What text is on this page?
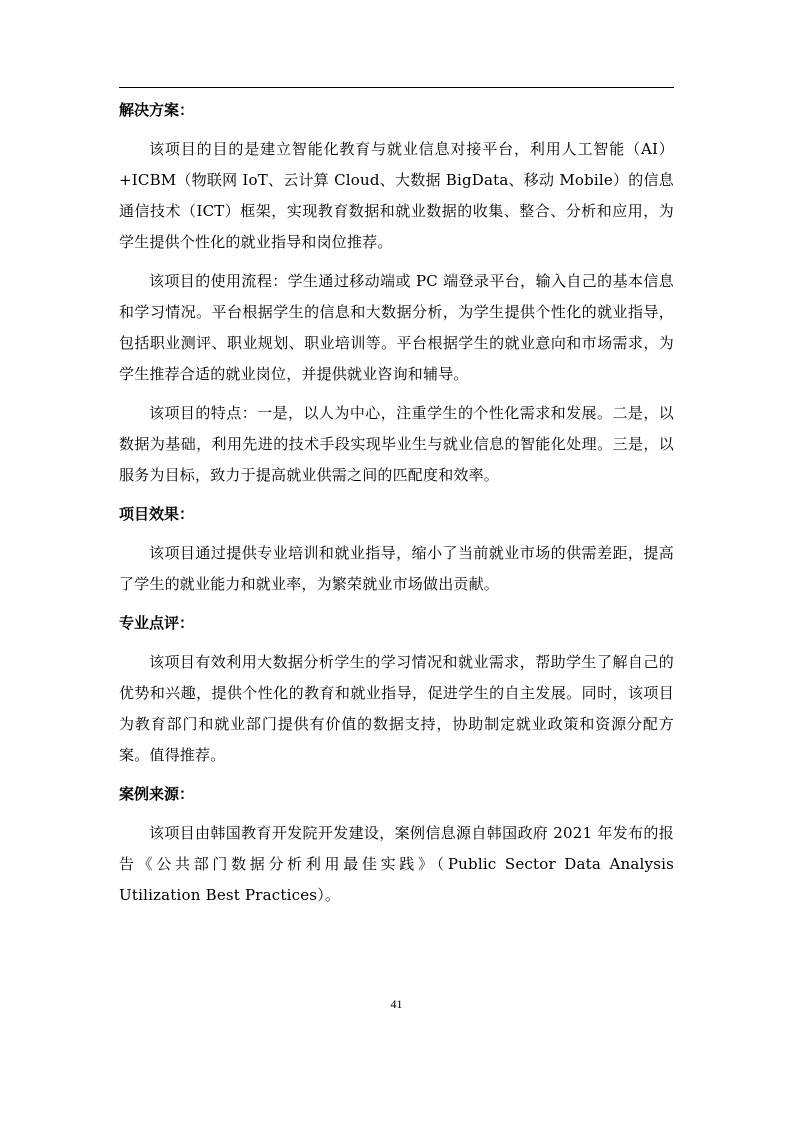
解决方案：

该项目的目的是建立智能化教育与就业信息对接平台，利用人工智能（AI）+ICBM（物联网 IoT、云计算 Cloud、大数据 BigData、移动 Mobile）的信息通信技术（ICT）框架，实现教育数据和就业数据的收集、整合、分析和应用，为学生提供个性化的就业指导和岗位推荐。

该项目的使用流程：学生通过移动端或 PC 端登录平台，输入自己的基本信息和学习情况。平台根据学生的信息和大数据分析，为学生提供个性化的就业指导，包括职业测评、职业规划、职业培训等。平台根据学生的就业意向和市场需求，为学生推荐合适的就业岗位，并提供就业咨询和辅导。

该项目的特点：一是，以人为中心，注重学生的个性化需求和发展。二是，以数据为基础，利用先进的技术手段实现毕业生与就业信息的智能化处理。三是，以服务为目标，致力于提高就业供需之间的匹配度和效率。

项目效果：

该项目通过提供专业培训和就业指导，缩小了当前就业市场的供需差距，提高了学生的就业能力和就业率，为繁荣就业市场做出贡献。

专业点评：

该项目有效利用大数据分析学生的学习情况和就业需求，帮助学生了解自己的优势和兴趣，提供个性化的教育和就业指导，促进学生的自主发展。同时，该项目为教育部门和就业部门提供有价值的数据支持，协助制定就业政策和资源分配方案。值得推荐。

案例来源：

该项目由韩国教育开发院开发建设，案例信息源自韩国政府 2021 年发布的报告《公共部门数据分析利用最佳实践》（Public Sector Data Analysis Utilization Best Practices）。

41
